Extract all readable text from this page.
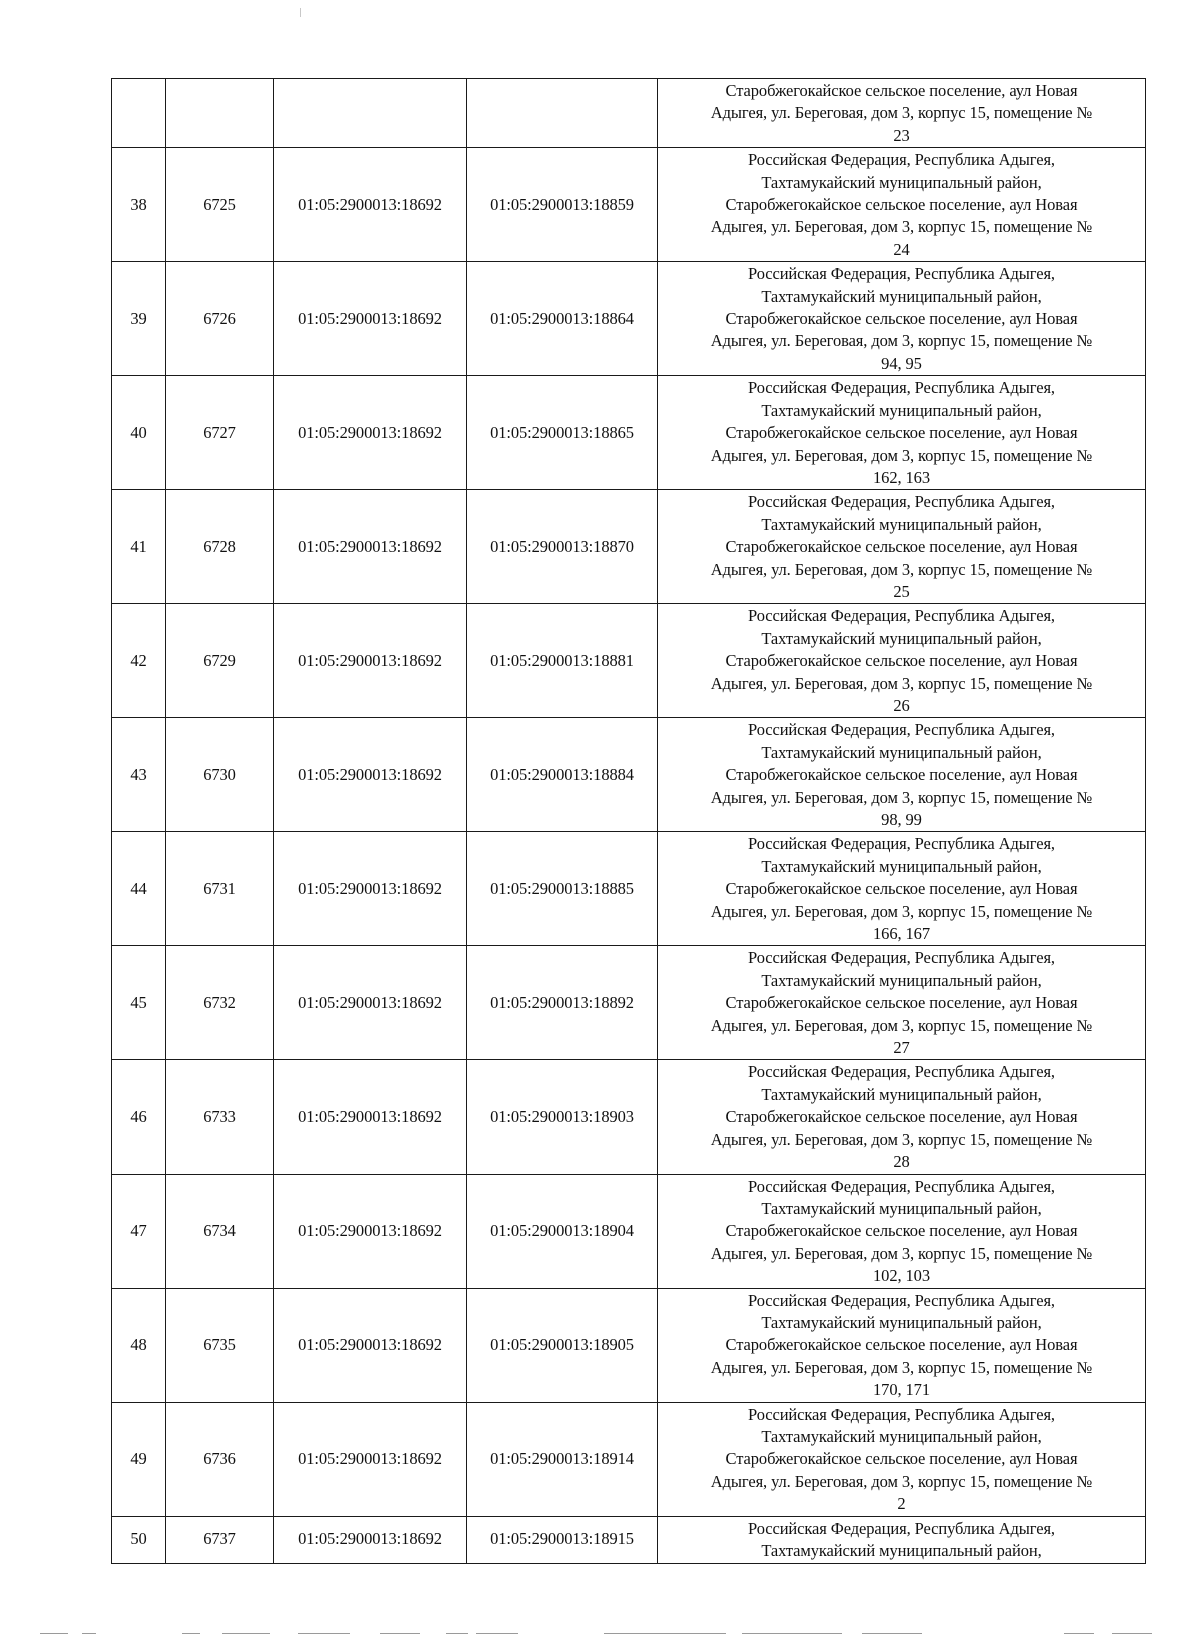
				Старобжегокайское сельское поселение, аул Новая
Адыгея, ул. Береговая, дом 3, корпус 15, помещение №
23
38	6725	01:05:2900013:18692	01:05:2900013:18859	Российская Федерация, Республика Адыгея,
Тахтамукайский муниципальный район,
Старобжегокайское сельское поселение, аул Новая
Адыгея, ул. Береговая, дом 3, корпус 15, помещение №
24
39	6726	01:05:2900013:18692	01:05:2900013:18864	Российская Федерация, Республика Адыгея,
Тахтамукайский муниципальный район,
Старобжегокайское сельское поселение, аул Новая
Адыгея, ул. Береговая, дом 3, корпус 15, помещение №
94, 95
40	6727	01:05:2900013:18692	01:05:2900013:18865	Российская Федерация, Республика Адыгея,
Тахтамукайский муниципальный район,
Старобжегокайское сельское поселение, аул Новая
Адыгея, ул. Береговая, дом 3, корпус 15, помещение №
162, 163
41	6728	01:05:2900013:18692	01:05:2900013:18870	Российская Федерация, Республика Адыгея,
Тахтамукайский муниципальный район,
Старобжегокайское сельское поселение, аул Новая
Адыгея, ул. Береговая, дом 3, корпус 15, помещение №
25
42	6729	01:05:2900013:18692	01:05:2900013:18881	Российская Федерация, Республика Адыгея,
Тахтамукайский муниципальный район,
Старобжегокайское сельское поселение, аул Новая
Адыгея, ул. Береговая, дом 3, корпус 15, помещение №
26
43	6730	01:05:2900013:18692	01:05:2900013:18884	Российская Федерация, Республика Адыгея,
Тахтамукайский муниципальный район,
Старобжегокайское сельское поселение, аул Новая
Адыгея, ул. Береговая, дом 3, корпус 15, помещение №
98, 99
44	6731	01:05:2900013:18692	01:05:2900013:18885	Российская Федерация, Республика Адыгея,
Тахтамукайский муниципальный район,
Старобжегокайское сельское поселение, аул Новая
Адыгея, ул. Береговая, дом 3, корпус 15, помещение №
166, 167
45	6732	01:05:2900013:18692	01:05:2900013:18892	Российская Федерация, Республика Адыгея,
Тахтамукайский муниципальный район,
Старобжегокайское сельское поселение, аул Новая
Адыгея, ул. Береговая, дом 3, корпус 15, помещение №
27
46	6733	01:05:2900013:18692	01:05:2900013:18903	Российская Федерация, Республика Адыгея,
Тахтамукайский муниципальный район,
Старобжегокайское сельское поселение, аул Новая
Адыгея, ул. Береговая, дом 3, корпус 15, помещение №
28
47	6734	01:05:2900013:18692	01:05:2900013:18904	Российская Федерация, Республика Адыгея,
Тахтамукайский муниципальный район,
Старобжегокайское сельское поселение, аул Новая
Адыгея, ул. Береговая, дом 3, корпус 15, помещение №
102, 103
48	6735	01:05:2900013:18692	01:05:2900013:18905	Российская Федерация, Республика Адыгея,
Тахтамукайский муниципальный район,
Старобжегокайское сельское поселение, аул Новая
Адыгея, ул. Береговая, дом 3, корпус 15, помещение №
170, 171
49	6736	01:05:2900013:18692	01:05:2900013:18914	Российская Федерация, Республика Адыгея,
Тахтамукайский муниципальный район,
Старобжегокайское сельское поселение, аул Новая
Адыгея, ул. Береговая, дом 3, корпус 15, помещение №
2
50	6737	01:05:2900013:18692	01:05:2900013:18915	Российская Федерация, Республика Адыгея,
Тахтамукайский муниципальный район,
